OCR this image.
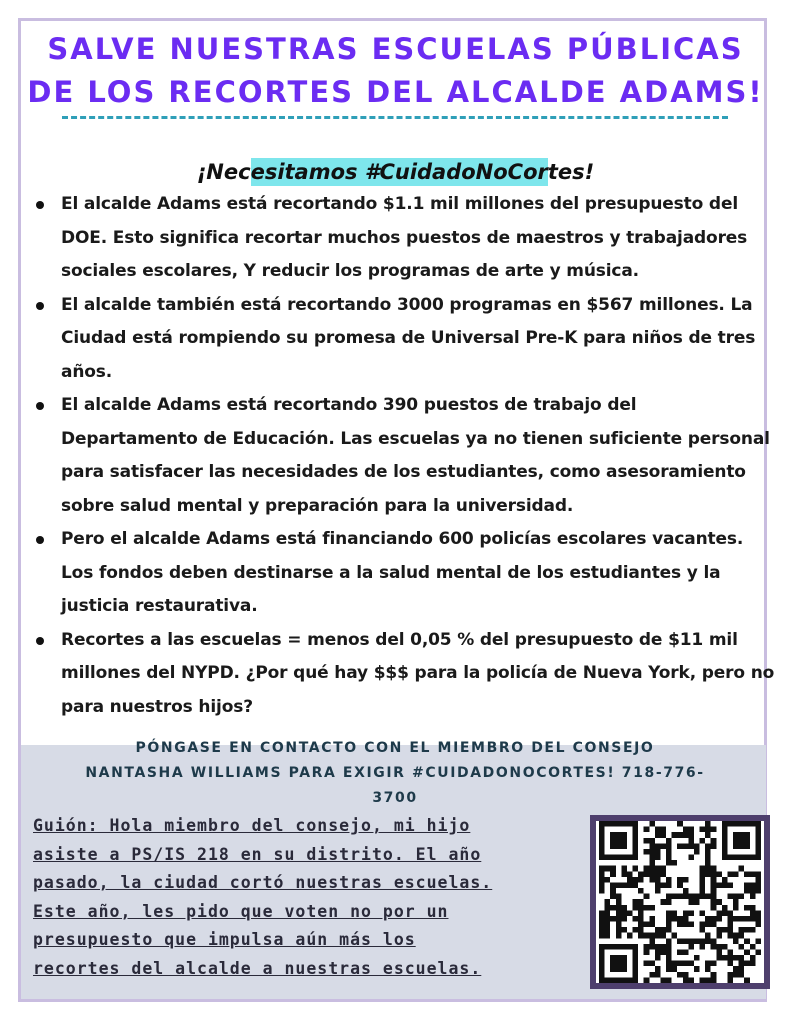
SALVE NUESTRAS ESCUELAS PÚBLICAS
DE LOS RECORTES DEL ALCALDE ADAMS!
¡Necesitamos #CuidadoNoCortes!
El alcalde Adams está recortando $1.1 mil millones del presupuesto del DOE. Esto significa recortar muchos puestos de maestros y trabajadores sociales escolares, Y reducir los programas de arte y música.
El alcalde también está recortando 3000 programas en $567 millones. La Ciudad está rompiendo su promesa de Universal Pre-K para niños de tres años.
El alcalde Adams está recortando 390 puestos de trabajo del Departamento de Educación. Las escuelas ya no tienen suficiente personal para satisfacer las necesidades de los estudiantes, como asesoramiento sobre salud mental y preparación para la universidad.
Pero el alcalde Adams está financiando 600 policías escolares vacantes. Los fondos deben destinarse a la salud mental de los estudiantes y la justicia restaurativa.
Recortes a las escuelas = menos del 0,05 % del presupuesto de $11 mil millones del NYPD. ¿Por qué hay $$$ para la policía de Nueva York, pero no para nuestros hijos?
PÓNGASE EN CONTACTO CON EL MIEMBRO DEL CONSEJO
NANTASHA WILLIAMS PARA EXIGIR #CUIDADONOCORTES! 718-776-
3700
Guión: Hola miembro del consejo, mi hijo
asiste a PS/IS 218 en su distrito. El año
pasado, la ciudad cortó nuestras escuelas.
Este año, les pido que voten no por un
presupuesto que impulsa aún más los
recortes del alcalde a nuestras escuelas.
